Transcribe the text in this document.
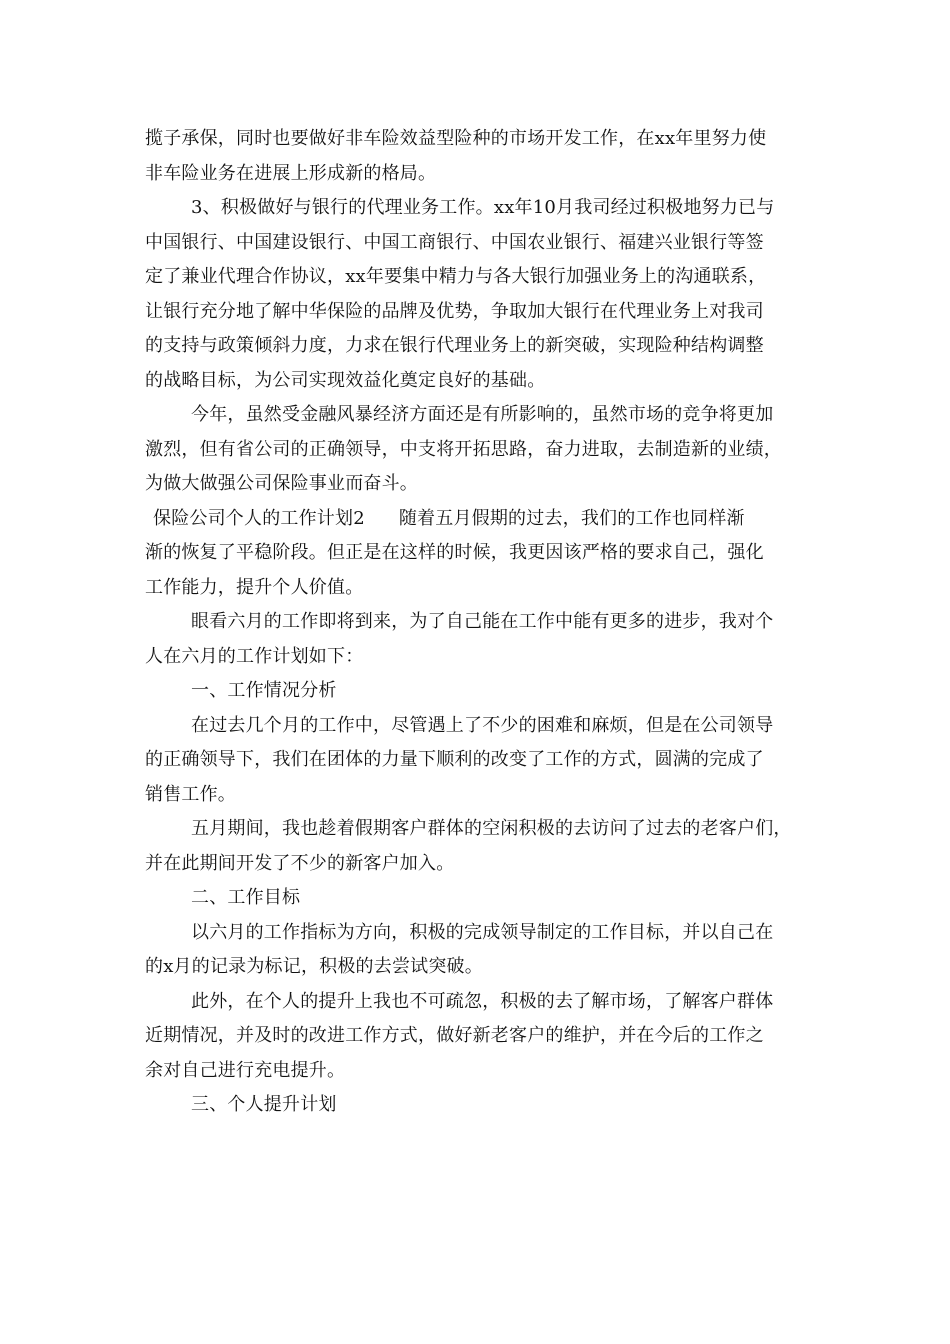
揽子承保，同时也要做好非车险效益型险种的市场开发工作，在xx年里努力使
非车险业务在进展上形成新的格局。
3、积极做好与银行的代理业务工作。xx年10月我司经过积极地努力已与
中国银行、中国建设银行、中国工商银行、中国农业银行、福建兴业银行等签
定了兼业代理合作协议，xx年要集中精力与各大银行加强业务上的沟通联系，
让银行充分地了解中华保险的品牌及优势，争取加大银行在代理业务上对我司
的支持与政策倾斜力度，力求在银行代理业务上的新突破，实现险种结构调整
的战略目标，为公司实现效益化奠定良好的基础。
今年，虽然受金融风暴经济方面还是有所影响的，虽然市场的竞争将更加
激烈，但有省公司的正确领导，中支将开拓思路，奋力进取，去制造新的业绩，
为做大做强公司保险事业而奋斗。
保险公司个人的工作计划2 随着五月假期的过去，我们的工作也同样渐
渐的恢复了平稳阶段。但正是在这样的时候，我更因该严格的要求自己，强化
工作能力，提升个人价值。
眼看六月的工作即将到来，为了自己能在工作中能有更多的进步，我对个
人在六月的工作计划如下：
一、工作情况分析
在过去几个月的工作中，尽管遇上了不少的困难和麻烦，但是在公司领导
的正确领导下，我们在团体的力量下顺利的改变了工作的方式，圆满的完成了
销售工作。
五月期间，我也趁着假期客户群体的空闲积极的去访问了过去的老客户们，
并在此期间开发了不少的新客户加入。
二、工作目标
以六月的工作指标为方向，积极的完成领导制定的工作目标，并以自己在
的x月的记录为标记，积极的去尝试突破。
此外，在个人的提升上我也不可疏忽，积极的去了解市场，了解客户群体
近期情况，并及时的改进工作方式，做好新老客户的维护，并在今后的工作之
余对自己进行充电提升。
三、个人提升计划
